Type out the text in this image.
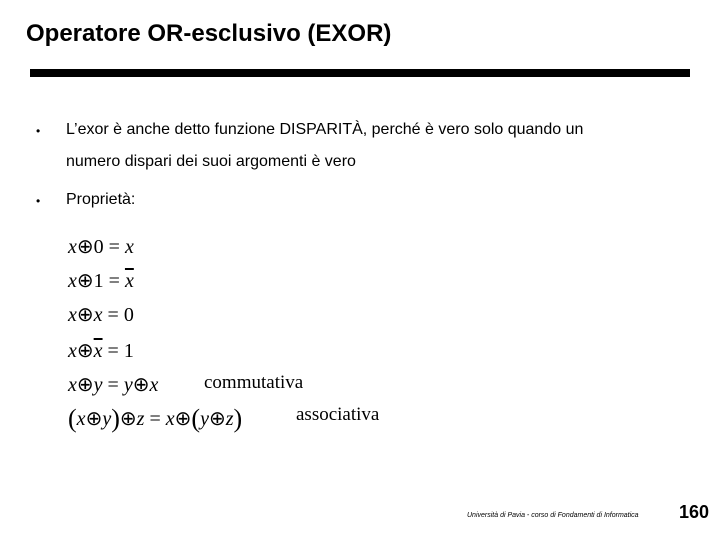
Operatore OR-esclusivo (EXOR)
• L’exor è anche detto funzione DISPARITÀ, perché è vero solo quando un
numero dispari dei suoi argomenti è vero
• Proprietà:
x⊕0 = x
x⊕1 = $\overline{x}$
x⊕x = 0
$x\oplus\overline{x} = 1$
x⊕y = y⊕x commutativa
(x⊕y)⊕z = x⊕(y⊕z)	associativa
Università di Pavia - corso di Fondamenti di Informatica 160
